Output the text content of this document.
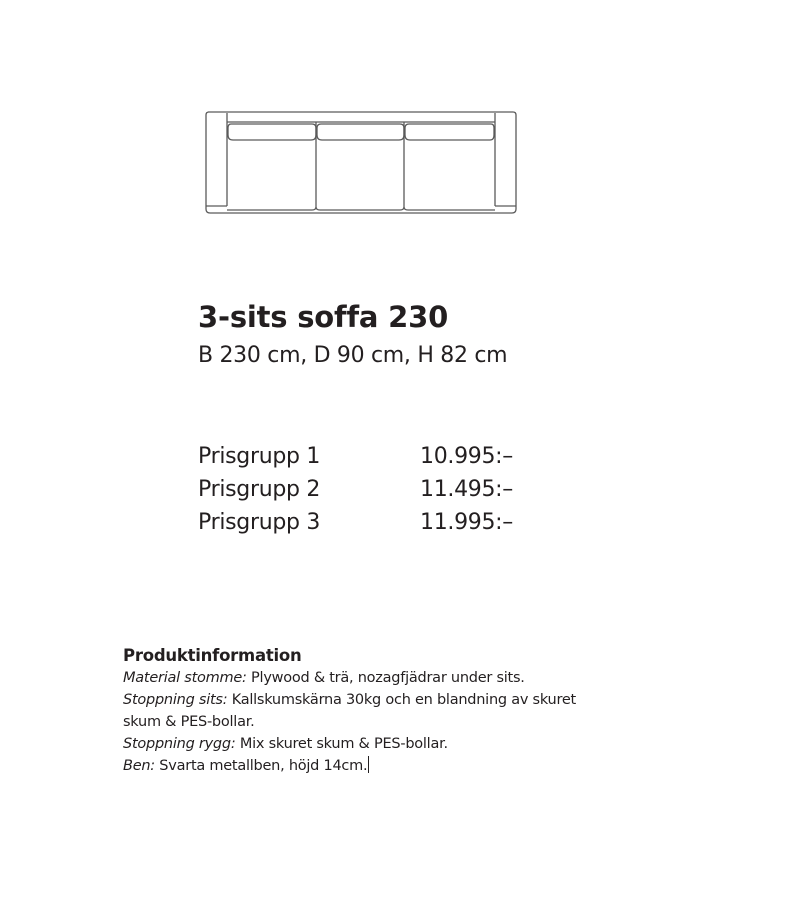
3-sits soffa 230
B 230 cm, D 90 cm, H 82 cm
Prisgrupp 1	10.995:–
Prisgrupp 2	11.495:–
Prisgrupp 3	11.995:–
Produktinformation

Material stomme: Plywood & trä, nozagfjädrar under sits.

Stoppning sits: Kallskumskärna 30kg och en blandning av skuret

skum & PES-bollar.

Stoppning rygg: Mix skuret skum & PES-bollar.

Ben: Svarta metallben, höjd 14cm.
